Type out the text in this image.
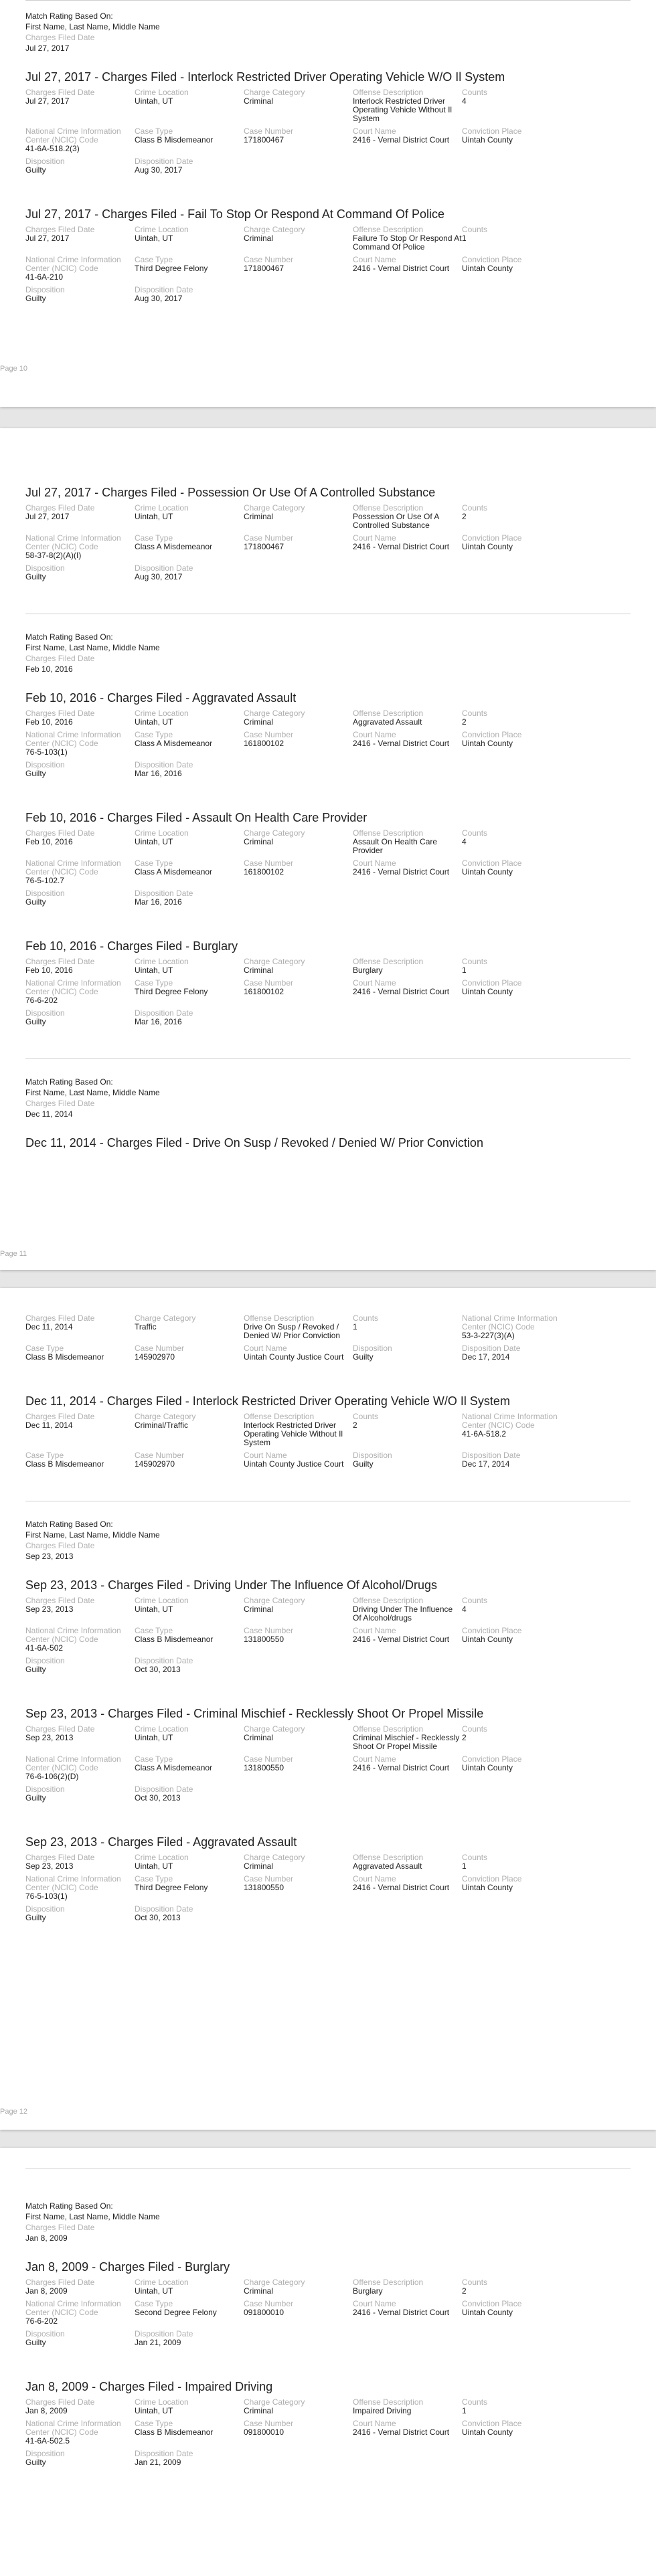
Match Rating Based On:
First Name, Last Name, Middle Name
Charges Filed Date
Jul 27, 2017
Jul 27, 2017 - Charges Filed - Interlock Restricted Driver Operating Vehicle W/O Il System
Charges Filed Date
Jul 27, 2017
Crime Location
Uintah, UT
Charge Category
Criminal
Offense Description
Interlock Restricted Driver Operating Vehicle Without Il System
Counts
4
National Crime Information Center (NCIC) Code
41-6A-518.2(3)
Case Type
Class B Misdemeanor
Case Number
171800467
Court Name
2416 - Vernal District Court
Conviction Place
Uintah County
Disposition
Guilty
Disposition Date
Aug 30, 2017
Jul 27, 2017 - Charges Filed - Fail To Stop Or Respond At Command Of Police
Charges Filed Date
Jul 27, 2017
Crime Location
Uintah, UT
Charge Category
Criminal
Offense Description
Failure To Stop Or Respond At Command Of Police
Counts
1
National Crime Information Center (NCIC) Code
41-6A-210
Case Type
Third Degree Felony
Case Number
171800467
Court Name
2416 - Vernal District Court
Conviction Place
Uintah County
Disposition
Guilty
Disposition Date
Aug 30, 2017
Page 10
Jul 27, 2017 - Charges Filed - Possession Or Use Of A Controlled Substance
Charges Filed Date
Jul 27, 2017
Crime Location
Uintah, UT
Charge Category
Criminal
Offense Description
Possession Or Use Of A Controlled Substance
Counts
2
National Crime Information Center (NCIC) Code
58-37-8(2)(A)(I)
Case Type
Class A Misdemeanor
Case Number
171800467
Court Name
2416 - Vernal District Court
Conviction Place
Uintah County
Disposition
Guilty
Disposition Date
Aug 30, 2017
Match Rating Based On:
First Name, Last Name, Middle Name
Charges Filed Date
Feb 10, 2016
Feb 10, 2016 - Charges Filed - Aggravated Assault
Charges Filed Date
Feb 10, 2016
Crime Location
Uintah, UT
Charge Category
Criminal
Offense Description
Aggravated Assault
Counts
2
National Crime Information Center (NCIC) Code
76-5-103(1)
Case Type
Class A Misdemeanor
Case Number
161800102
Court Name
2416 - Vernal District Court
Conviction Place
Uintah County
Disposition
Guilty
Disposition Date
Mar 16, 2016
Feb 10, 2016 - Charges Filed - Assault On Health Care Provider
Charges Filed Date
Feb 10, 2016
Crime Location
Uintah, UT
Charge Category
Criminal
Offense Description
Assault On Health Care Provider
Counts
4
National Crime Information Center (NCIC) Code
76-5-102.7
Case Type
Class A Misdemeanor
Case Number
161800102
Court Name
2416 - Vernal District Court
Conviction Place
Uintah County
Disposition
Guilty
Disposition Date
Mar 16, 2016
Feb 10, 2016 - Charges Filed - Burglary
Charges Filed Date
Feb 10, 2016
Crime Location
Uintah, UT
Charge Category
Criminal
Offense Description
Burglary
Counts
1
National Crime Information Center (NCIC) Code
76-6-202
Case Type
Third Degree Felony
Case Number
161800102
Court Name
2416 - Vernal District Court
Conviction Place
Uintah County
Disposition
Guilty
Disposition Date
Mar 16, 2016
Match Rating Based On:
First Name, Last Name, Middle Name
Charges Filed Date
Dec 11, 2014
Dec 11, 2014 - Charges Filed - Drive On Susp / Revoked / Denied W/ Prior Conviction
Page 11
Charges Filed Date
Dec 11, 2014
Charge Category
Traffic
Offense Description
Drive On Susp / Revoked / Denied W/ Prior Conviction
Counts
1
National Crime Information Center (NCIC) Code
53-3-227(3)(A)
Case Type
Class B Misdemeanor
Case Number
145902970
Court Name
Uintah County Justice Court
Disposition
Guilty
Disposition Date
Dec 17, 2014
Dec 11, 2014 - Charges Filed - Interlock Restricted Driver Operating Vehicle W/O Il System
Charges Filed Date
Dec 11, 2014
Charge Category
Criminal/Traffic
Offense Description
Interlock Restricted Driver Operating Vehicle Without Il System
Counts
2
National Crime Information Center (NCIC) Code
41-6A-518.2
Case Type
Class B Misdemeanor
Case Number
145902970
Court Name
Uintah County Justice Court
Disposition
Guilty
Disposition Date
Dec 17, 2014
Match Rating Based On:
First Name, Last Name, Middle Name
Charges Filed Date
Sep 23, 2013
Sep 23, 2013 - Charges Filed - Driving Under The Influence Of Alcohol/Drugs
Charges Filed Date
Sep 23, 2013
Crime Location
Uintah, UT
Charge Category
Criminal
Offense Description
Driving Under The Influence Of Alcohol/drugs
Counts
4
National Crime Information Center (NCIC) Code
41-6A-502
Case Type
Class B Misdemeanor
Case Number
131800550
Court Name
2416 - Vernal District Court
Conviction Place
Uintah County
Disposition
Guilty
Disposition Date
Oct 30, 2013
Sep 23, 2013 - Charges Filed - Criminal Mischief - Recklessly Shoot Or Propel Missile
Charges Filed Date
Sep 23, 2013
Crime Location
Uintah, UT
Charge Category
Criminal
Offense Description
Criminal Mischief - Recklessly Shoot Or Propel Missile
Counts
2
National Crime Information Center (NCIC) Code
76-6-106(2)(D)
Case Type
Class A Misdemeanor
Case Number
131800550
Court Name
2416 - Vernal District Court
Conviction Place
Uintah County
Disposition
Guilty
Disposition Date
Oct 30, 2013
Sep 23, 2013 - Charges Filed - Aggravated Assault
Charges Filed Date
Sep 23, 2013
Crime Location
Uintah, UT
Charge Category
Criminal
Offense Description
Aggravated Assault
Counts
1
National Crime Information Center (NCIC) Code
76-5-103(1)
Case Type
Third Degree Felony
Case Number
131800550
Court Name
2416 - Vernal District Court
Conviction Place
Uintah County
Disposition
Guilty
Disposition Date
Oct 30, 2013
Page 12
Match Rating Based On:
First Name, Last Name, Middle Name
Charges Filed Date
Jan 8, 2009
Jan 8, 2009 - Charges Filed - Burglary
Charges Filed Date
Jan 8, 2009
Crime Location
Uintah, UT
Charge Category
Criminal
Offense Description
Burglary
Counts
2
National Crime Information Center (NCIC) Code
76-6-202
Case Type
Second Degree Felony
Case Number
091800010
Court Name
2416 - Vernal District Court
Conviction Place
Uintah County
Disposition
Guilty
Disposition Date
Jan 21, 2009
Jan 8, 2009 - Charges Filed - Impaired Driving
Charges Filed Date
Jan 8, 2009
Crime Location
Uintah, UT
Charge Category
Criminal
Offense Description
Impaired Driving
Counts
1
National Crime Information Center (NCIC) Code
41-6A-502.5
Case Type
Class B Misdemeanor
Case Number
091800010
Court Name
2416 - Vernal District Court
Conviction Place
Uintah County
Disposition
Guilty
Disposition Date
Jan 21, 2009
